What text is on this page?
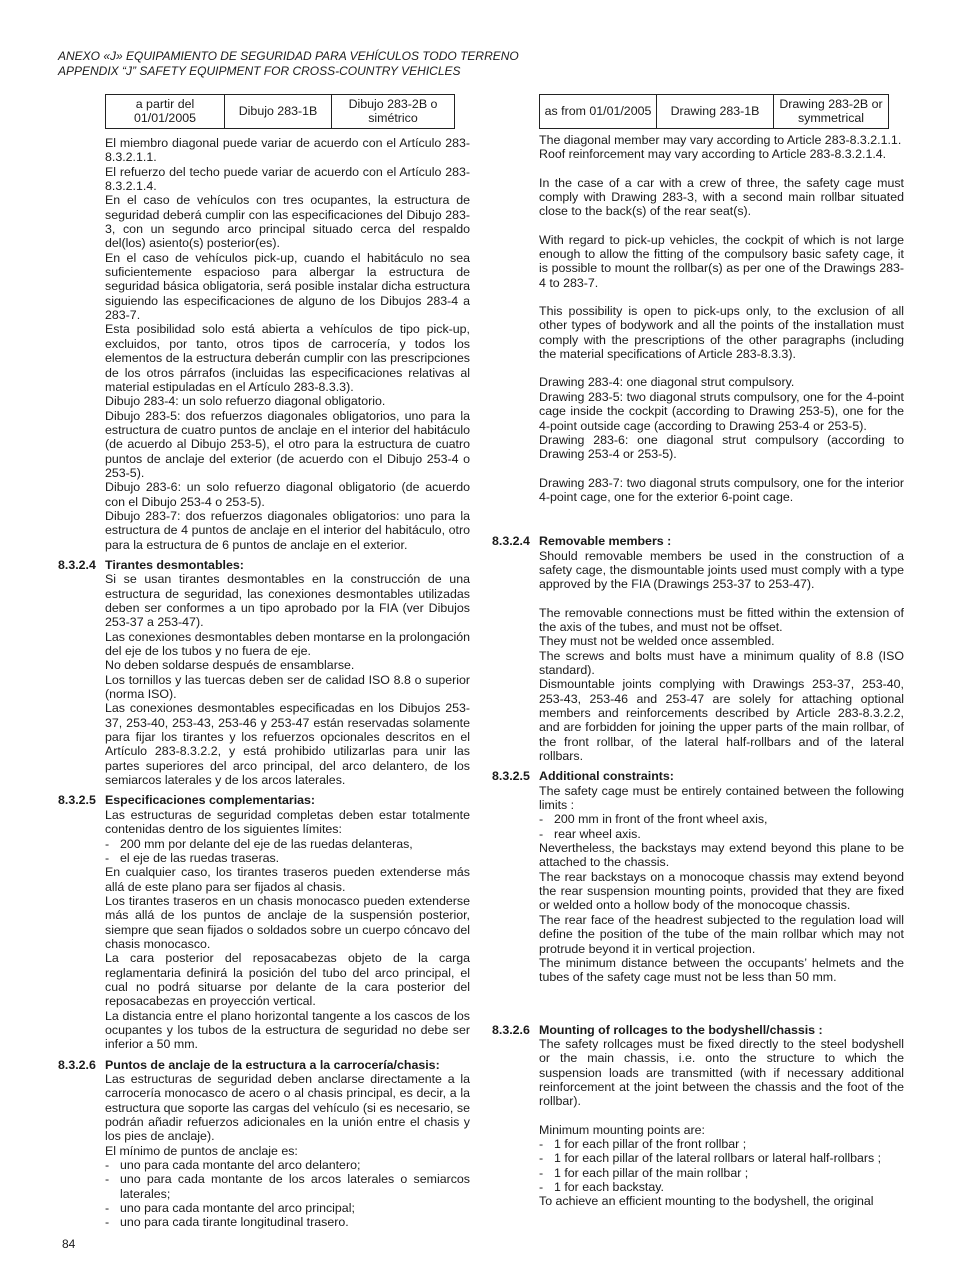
ANEXO «J» EQUIPAMIENTO DE SEGURIDAD PARA VEHÍCULOS TODO TERRENO
APPENDIX “J” SAFETY EQUIPMENT FOR CROSS-COUNTRY VEHICLES
a partir del 01/01/2005	Dibujo 283-1B	Dibujo 283-2B o simétrico

El miembro diagonal puede variar de acuerdo con el Artículo 283-8.3.2.1.1.

El refuerzo del techo puede variar de acuerdo con el Artículo 283-8.3.2.1.4.

En el caso de vehículos con tres ocupantes, la estructura de seguridad deberá cumplir con las especificaciones del Dibujo 283-3, con un segundo arco principal situado cerca del respaldo del(los) asiento(s) posterior(es).

En el caso de vehículos pick-up, cuando el habitáculo no sea suficientemente espacioso para albergar la estructura de seguridad básica obligatoria, será posible instalar dicha estructura siguiendo las especificaciones de alguno de los Dibujos 283-4 a 283-7.

Esta posibilidad solo está abierta a vehículos de tipo pick-up, excluidos, por tanto, otros tipos de carrocería, y todos los elementos de la estructura deberán cumplir con las prescripciones de los otros párrafos (incluidas las especificaciones relativas al material estipuladas en el Artículo 283-8.3.3).

Dibujo 283-4: un solo refuerzo diagonal obligatorio.

Dibujo 283-5: dos refuerzos diagonales obligatorios, uno para la estructura de cuatro puntos de anclaje en el interior del habitáculo (de acuerdo al Dibujo 253-5), el otro para la estructura de cuatro puntos de anclaje del exterior (de acuerdo con el Dibujo 253-4 o 253-5).

Dibujo 283-6: un solo refuerzo diagonal obligatorio (de acuerdo con el Dibujo 253-4 o 253-5).

Dibujo 283-7: dos refuerzos diagonales obligatorios: uno para la estructura de 4 puntos de anclaje en el interior del habitáculo, otro para la estructura de 6 puntos de anclaje en el exterior.

8.3.2.4 Tirantes desmontables:

Si se usan tirantes desmontables en la construcción de una estructura de seguridad, las conexiones desmontables utilizadas deben ser conformes a un tipo aprobado por la FIA (ver Dibujos 253-37 a 253-47).

Las conexiones desmontables deben montarse en la prolongación del eje de los tubos y no fuera de eje.

No deben soldarse después de ensamblarse.

Los tornillos y las tuercas deben ser de calidad ISO 8.8 o superior (norma ISO).

Las conexiones desmontables especificadas en los Dibujos 253-37, 253-40, 253-43, 253-46 y 253-47 están reservadas solamente para fijar los tirantes y los refuerzos opcionales descritos en el Artículo 283-8.3.2.2, y está prohibido utilizarlas para unir las partes superiores del arco principal, del arco delantero, de los semiarcos laterales y de los arcos laterales.

8.3.2.5 Especificaciones complementarias:

Las estructuras de seguridad completas deben estar totalmente contenidas dentro de los siguientes límites:

- 200 mm por delante del eje de las ruedas delanteras,
- el eje de las ruedas traseras.

En cualquier caso, los tirantes traseros pueden extenderse más allá de este plano para ser fijados al chasis.

Los tirantes traseros en un chasis monocasco pueden extenderse más allá de los puntos de anclaje de la suspensión posterior, siempre que sean fijados o soldados sobre un cuerpo cóncavo del chasis monocasco.

La cara posterior del reposacabezas objeto de la carga reglamentaria definirá la posición del tubo del arco principal, el cual no podrá situarse por delante de la cara posterior del reposacabezas en proyección vertical.

La distancia entre el plano horizontal tangente a los cascos de los ocupantes y los tubos de la estructura de seguridad no debe ser inferior a 50 mm.

8.3.2.6 Puntos de anclaje de la estructura a la carrocería/chasis:

Las estructuras de seguridad deben anclarse directamente a la carrocería monocasco de acero o al chasis principal, es decir, a la estructura que soporte las cargas del vehículo (si es necesario, se podrán añadir refuerzos adicionales en la unión entre el chasis y los pies de anclaje).

El mínimo de puntos de anclaje es:

- uno para cada montante del arco delantero;
- uno para cada montante de los arcos laterales o semiarcos laterales;
- uno para cada montante del arco principal;
- uno para cada tirante longitudinal trasero.
as from 01/01/2005	Drawing 283-1B	Drawing 283-2B or symmetrical

The diagonal member may vary according to Article 283-8.3.2.1.1.

Roof reinforcement may vary according to Article 283-8.3.2.1.4.

In the case of a car with a crew of three, the safety cage must comply with Drawing 283-3, with a second main rollbar situated close to the back(s) of the rear seat(s).

With regard to pick-up vehicles, the cockpit of which is not large enough to allow the fitting of the compulsory basic safety cage, it is possible to mount the rollbar(s) as per one of the Drawings 283-4 to 283-7.

This possibility is open to pick-ups only, to the exclusion of all other types of bodywork and all the points of the installation must comply with the prescriptions of the other paragraphs (including the material specifications of Article 283-8.3.3).

Drawing 283-4: one diagonal strut compulsory.

Drawing 283-5: two diagonal struts compulsory, one for the 4-point cage inside the cockpit (according to Drawing 253-5), one for the 4-point outside cage (according to Drawing 253-4 or 253-5).

Drawing 283-6: one diagonal strut compulsory (according to Drawing 253-4 or 253-5).

Drawing 283-7: two diagonal struts compulsory, one for the interior 4-point cage, one for the exterior 6-point cage.

8.3.2.4 Removable members :

Should removable members be used in the construction of a safety cage, the dismountable joints used must comply with a type approved by the FIA (Drawings 253-37 to 253-47).

The removable connections must be fitted within the extension of the axis of the tubes, and must not be offset.

They must not be welded once assembled.

The screws and bolts must have a minimum quality of 8.8 (ISO standard).

Dismountable joints complying with Drawings 253-37, 253-40, 253-43, 253-46 and 253-47 are solely for attaching optional members and reinforcements described by Article 283-8.3.2.2, and are forbidden for joining the upper parts of the main rollbar, of the front rollbar, of the lateral half-rollbars and of the lateral rollbars.

8.3.2.5 Additional constraints:

The safety cage must be entirely contained between the following limits :

- 200 mm in front of the front wheel axis,
- rear wheel axis.

Nevertheless, the backstays may extend beyond this plane to be attached to the chassis.

The rear backstays on a monocoque chassis may extend beyond the rear suspension mounting points, provided that they are fixed or welded onto a hollow body of the monocoque chassis.

The rear face of the headrest subjected to the regulation load will define the position of the tube of the main rollbar which may not protrude beyond it in vertical projection.

The minimum distance between the occupants’ helmets and the tubes of the safety cage must not be less than 50 mm.

8.3.2.6 Mounting of rollcages to the bodyshell/chassis :

The safety rollcages must be fixed directly to the steel bodyshell or the main chassis, i.e. onto the structure to which the suspension loads are transmitted (with if necessary additional reinforcement at the joint between the chassis and the foot of the rollbar).

Minimum mounting points are:

- 1 for each pillar of the front rollbar ;
- 1 for each pillar of the lateral rollbars or lateral half-rollbars ;
- 1 for each pillar of the main rollbar ;
- 1 for each backstay.

To achieve an efficient mounting to the bodyshell, the original

84
